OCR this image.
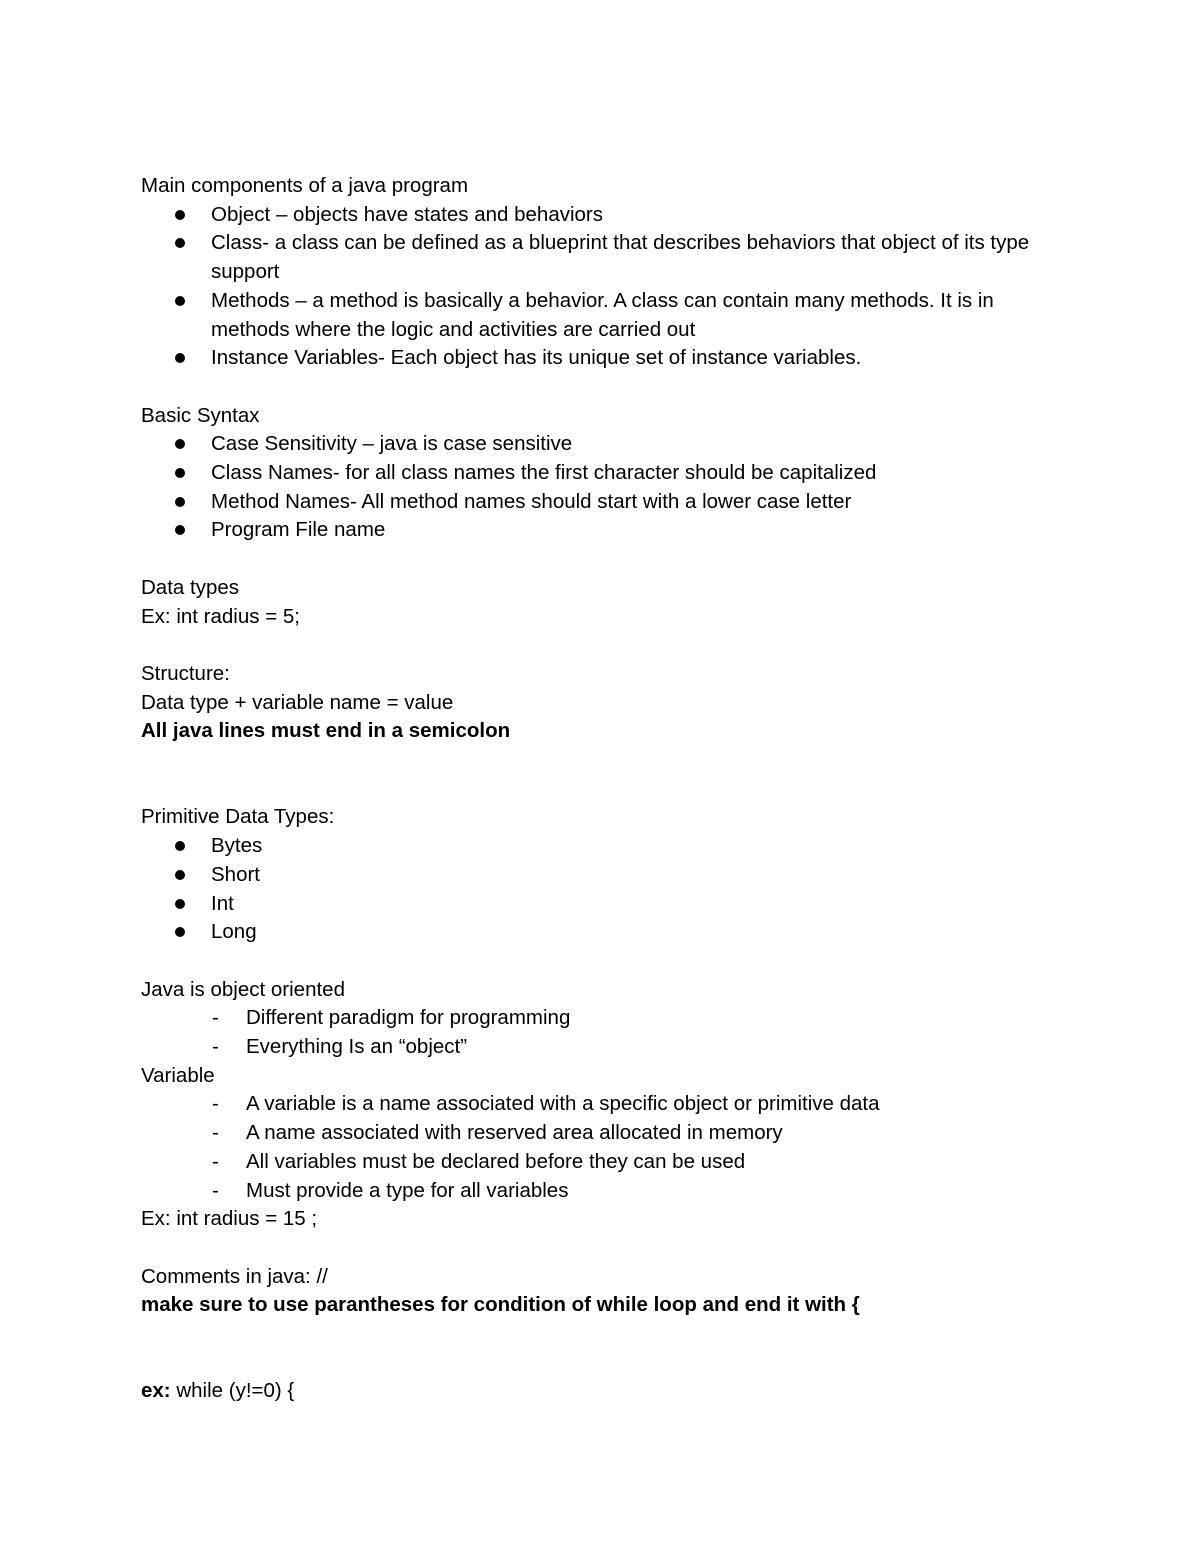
Main components of a java program

Object – objects have states and behaviors
Class- a class can be defined as a blueprint that describes behaviors that object of its type support
Methods – a method is basically a behavior. A class can contain many methods. It is in methods where the logic and activities are carried out
Instance Variables- Each object has its unique set of instance variables.

Basic Syntax

Case Sensitivity – java is case sensitive
Class Names- for all class names the first character should be capitalized
Method Names- All method names should start with a lower case letter
Program File name

Data types

Ex: int radius = 5;

Structure:

Data type + variable name = value

All java lines must end in a semicolon

Primitive Data Types:

Bytes
Short
Int
Long

Java is object oriented

- Different paradigm for programming
- Everything Is an “object”

Variable

- A variable is a name associated with a specific object or primitive data
- A name associated with reserved area allocated in memory
- All variables must be declared before they can be used
- Must provide a type for all variables

Ex: int radius = 15 ;

Comments in java: //

make sure to use parantheses for condition of while loop and end it with {

ex: while (y!=0) {
